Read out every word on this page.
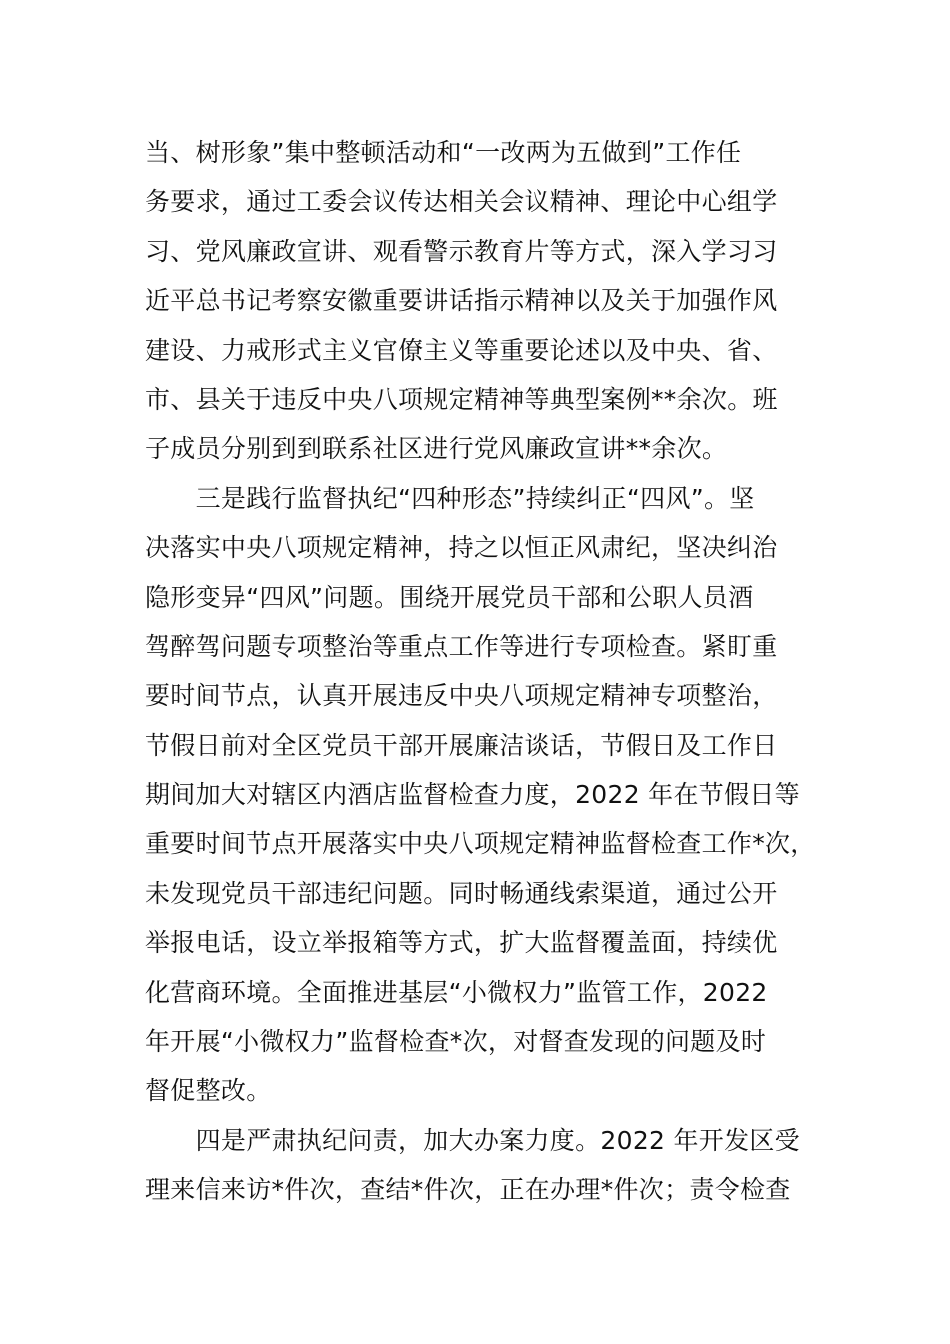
当、树形象”集中整顿活动和“一改两为五做到”工作任
务要求，通过工委会议传达相关会议精神、理论中心组学
习、党风廉政宣讲、观看警示教育片等方式，深入学习习
近平总书记考察安徽重要讲话指示精神以及关于加强作风
建设、力戒形式主义官僚主义等重要论述以及中央、省、
市、县关于违反中央八项规定精神等典型案例**余次。班
子成员分别到到联系社区进行党风廉政宣讲**余次。
　　三是践行监督执纪“四种形态”持续纠正“四风”。坚
决落实中央八项规定精神，持之以恒正风肃纪，坚决纠治
隐形变异“四风”问题。围绕开展党员干部和公职人员酒
驾醉驾问题专项整治等重点工作等进行专项检查。紧盯重
要时间节点，认真开展违反中央八项规定精神专项整治，
节假日前对全区党员干部开展廉洁谈话，节假日及工作日
期间加大对辖区内酒店监督检查力度，2022 年在节假日等
重要时间节点开展落实中央八项规定精神监督检查工作*次，
未发现党员干部违纪问题。同时畅通线索渠道，通过公开
举报电话，设立举报箱等方式，扩大监督覆盖面，持续优
化营商环境。全面推进基层“小微权力”监管工作，2022
年开展“小微权力”监督检查*次，对督查发现的问题及时
督促整改。
　　四是严肃执纪问责，加大办案力度。2022 年开发区受
理来信来访*件次，查结*件次，正在办理*件次；责令检查
